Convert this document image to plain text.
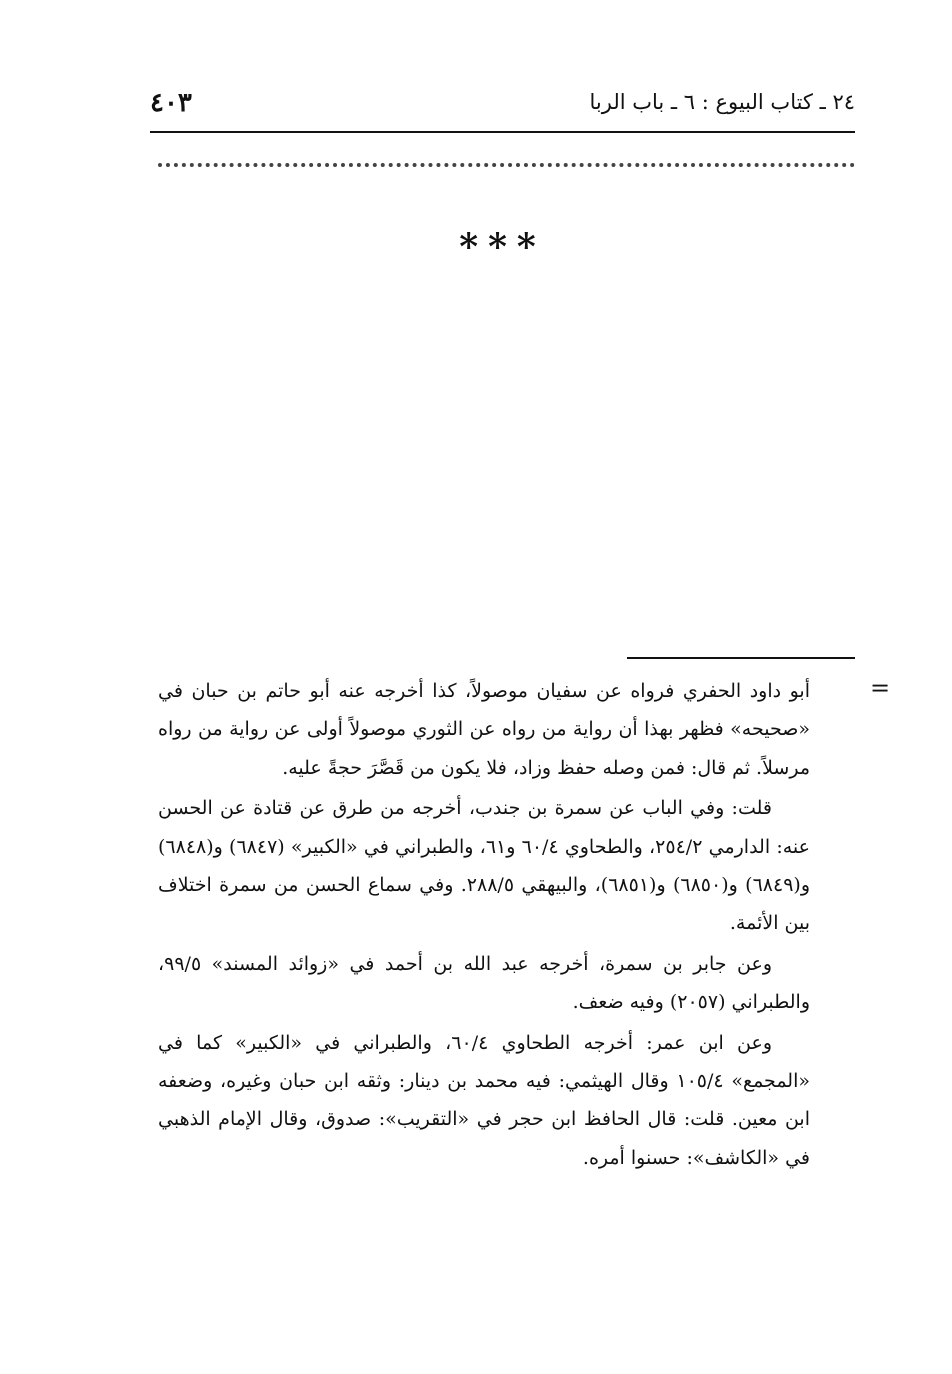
٢٤ ـ كتاب البيوع : ٦ ـ باب الربا
٤٠٣
***
=

أبو داود الحفري فرواه عن سفيان موصولاً، كذا أخرجه عنه أبو حاتم بن حبان في «صحيحه» فظهر بهذا أن رواية من رواه عن الثوري موصولاً أولى عن رواية من رواه مرسلاً. ثم قال: فمن وصله حفظ وزاد، فلا يكون من قَصَّرَ حجةً عليه.

قلت: وفي الباب عن سمرة بن جندب، أخرجه من طرق عن قتادة عن الحسن عنه: الدارمي ٢٥٤/٢، والطحاوي ٦٠/٤ و٦١، والطبراني في «الكبير» (٦٨٤٧) و(٦٨٤٨) و(٦٨٤٩) و(٦٨٥٠) و(٦٨٥١)، والبيهقي ٢٨٨/٥. وفي سماع الحسن من سمرة اختلاف بين الأئمة.

وعن جابر بن سمرة، أخرجه عبد الله بن أحمد في «زوائد المسند» ٩٩/٥، والطبراني (٢٠٥٧) وفيه ضعف.

وعن ابن عمر: أخرجه الطحاوي ٦٠/٤، والطبراني في «الكبير» كما في «المجمع» ١٠٥/٤ وقال الهيثمي: فيه محمد بن دينار: وثقه ابن حبان وغيره، وضعفه ابن معين. قلت: قال الحافظ ابن حجر في «التقريب»: صدوق، وقال الإمام الذهبي في «الكاشف»: حسنوا أمره.
